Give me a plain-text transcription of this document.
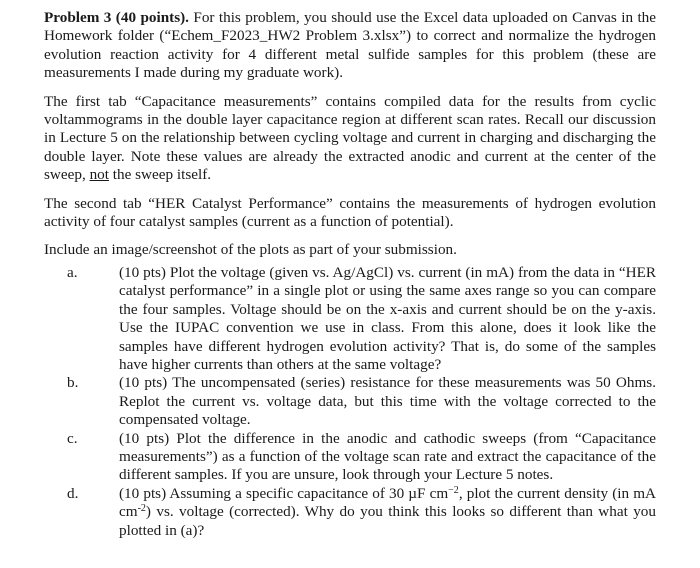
Problem 3 (40 points). For this problem, you should use the Excel data uploaded on Canvas in the Homework folder (“Echem_F2023_HW2 Problem 3.xlsx”) to correct and normalize the hydrogen evolution reaction activity for 4 different metal sulfide samples for this problem (these are measurements I made during my graduate work).

The first tab “Capacitance measurements” contains compiled data for the results from cyclic voltammograms in the double layer capacitance region at different scan rates. Recall our discussion in Lecture 5 on the relationship between cycling voltage and current in charging and discharging the double layer. Note these values are already the extracted anodic and current at the center of the sweep, not the sweep itself.

The second tab “HER Catalyst Performance” contains the measurements of hydrogen evolution activity of four catalyst samples (current as a function of potential).

Include an image/screenshot of the plots as part of your submission.

a.	(10 pts) Plot the voltage (given vs. Ag/AgCl) vs. current (in mA) from the data in “HER catalyst performance” in a single plot or using the same axes range so you can compare the four samples. Voltage should be on the x-axis and current should be on the y-axis. Use the IUPAC convention we use in class. From this alone, does it look like the samples have different hydrogen evolution activity? That is, do some of the samples have higher currents than others at the same voltage?
b.	(10 pts) The uncompensated (series) resistance for these measurements was 50 Ohms. Replot the current vs. voltage data, but this time with the voltage corrected to the compensated voltage.
c.	(10 pts) Plot the difference in the anodic and cathodic sweeps (from “Capacitance measurements”) as a function of the voltage scan rate and extract the capacitance of the different samples. If you are unsure, look through your Lecture 5 notes.
d.	(10 pts) Assuming a specific capacitance of 30 µF $cm^{-2}$, plot the current density (in mA $cm^{-2}$) vs. voltage (corrected). Why do you think this looks so different than what you plotted in (a)?
